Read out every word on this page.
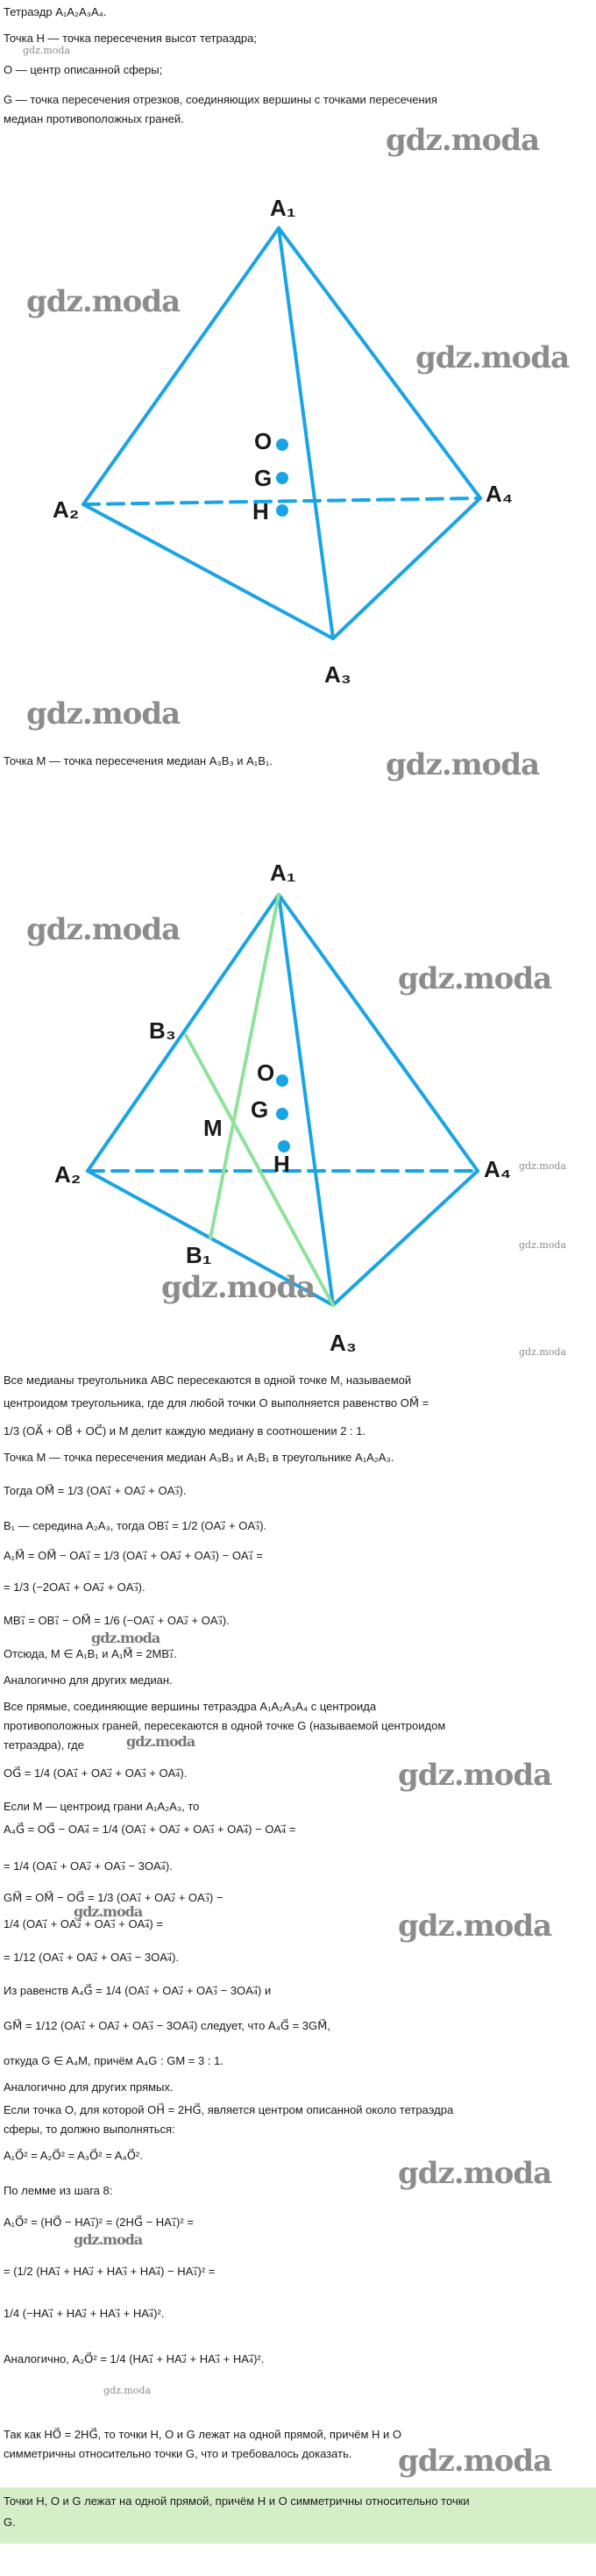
Тетраэдр A₁A₂A₃A₄.
Точка H — точка пересечения высот тетраэдра;
gdz.moda
O — центр описанной сферы;
G — точка пересечения отрезков, соединяющих вершины с точками пересечения
медиан противоположных граней.
A₁
A₂
A₃
A₄
O
G
H
gdz.moda
gdz.moda
gdz.moda
gdz.moda
Точка M — точка пересечения медиан A₃B₃ и A₁B₁.	gdz.moda
A₁
A₂
A₃
A₄
O
G
H
M
B₃
B₁
gdz.moda
gdz.moda
gdz.moda
gdz.moda
gdz.moda
gdz.moda
Все медианы треугольника ABC пересекаются в одной точке M, называемой
центроидом треугольника, где для любой точки O выполняется равенство OM⃗ =
1/3 (OA⃗ + OB⃗ + OC⃗) и M делит каждую медиану в соотношении 2 : 1.
Точка M — точка пересечения медиан A₃B₃ и A₁B₁ в треугольнике A₁A₂A₃.
Тогда OM⃗ = 1/3 (OA₁⃗ + OA₂⃗ + OA₃⃗).
B₁ — середина A₂A₃, тогда OB₁⃗ = 1/2 (OA₂⃗ + OA₃⃗).
A₁M⃗ = OM⃗ − OA₁⃗ = 1/3 (OA₁⃗ + OA₂⃗ + OA₃⃗) − OA₁⃗ =
= 1/3 (−2OA₁⃗ + OA₂⃗ + OA₃⃗).
MB₁⃗ = OB₁⃗ − OM⃗ = 1/6 (−OA₁⃗ + OA₂⃗ + OA₃⃗).
gdz.moda
Отсюда, M ∈ A₁B₁ и A₁M⃗ = 2MB₁⃗.
Аналогично для других медиан.
Все прямые, соединяющие вершины тетраэдра A₁A₂A₃A₄ с центроида
противоположных граней, пересекаются в одной точке G (называемой центроидом
тетраэдра), где	gdz.moda
OG⃗ = 1/4 (OA₁⃗ + OA₂⃗ + OA₃⃗ + OA₄⃗).	gdz.moda
Если M — центроид грани A₁A₂A₃, то
A₄G⃗ = OG⃗ − OA₄⃗ = 1/4 (OA₁⃗ + OA₂⃗ + OA₃⃗ + OA₄⃗) − OA₄⃗ =
= 1/4 (OA₁⃗ + OA₂⃗ + OA₃⃗ − 3OA₄⃗).
GM⃗ = OM⃗ − OG⃗ = 1/3 (OA₁⃗ + OA₂⃗ + OA₃⃗) −
gdz.moda
1/4 (OA₁⃗ + OA₂⃗ + OA₃⃗ + OA₄⃗) =	gdz.moda
= 1/12 (OA₁⃗ + OA₂⃗ + OA₃⃗ − 3OA₄⃗).
Из равенств A₄G⃗ = 1/4 (OA₁⃗ + OA₂⃗ + OA₃⃗ − 3OA₄⃗) и
GM⃗ = 1/12 (OA₁⃗ + OA₂⃗ + OA₃⃗ − 3OA₄⃗) следует, что A₄G⃗ = 3GM⃗,
откуда G ∈ A₄M, причём A₄G : GM = 3 : 1.
Аналогично для других прямых.
Если точка O, для которой OH⃗ = 2HG⃗, является центром описанной около тетраэдра
сферы, то должно выполняться:
A₁O⃗² = A₂O⃗² = A₃O⃗² = A₄O⃗².
gdz.moda
По лемме из шага 8:
A₁O⃗² = (HO⃗ − HA₁⃗)² = (2HG⃗ − HA₁⃗)² =
gdz.moda
= (1/2 (HA₁⃗ + HA₂⃗ + HA₃⃗ + HA₄⃗) − HA₁⃗)² =
1/4 (−HA₁⃗ + HA₂⃗ + HA₃⃗ + HA₄⃗)².
Аналогично, A₂O⃗² = 1/4 (HA₁⃗ + HA₂⃗ + HA₃⃗ + HA₄⃗)².
gdz.moda
Так как HO⃗ = 2HG⃗, то точки H, O и G лежат на одной прямой, причём H и O
симметричны относительно точки G, что и требовалось доказать.	gdz.moda
Точки H, O и G лежат на одной прямой, причём H и O симметричны относительно точки
G.
